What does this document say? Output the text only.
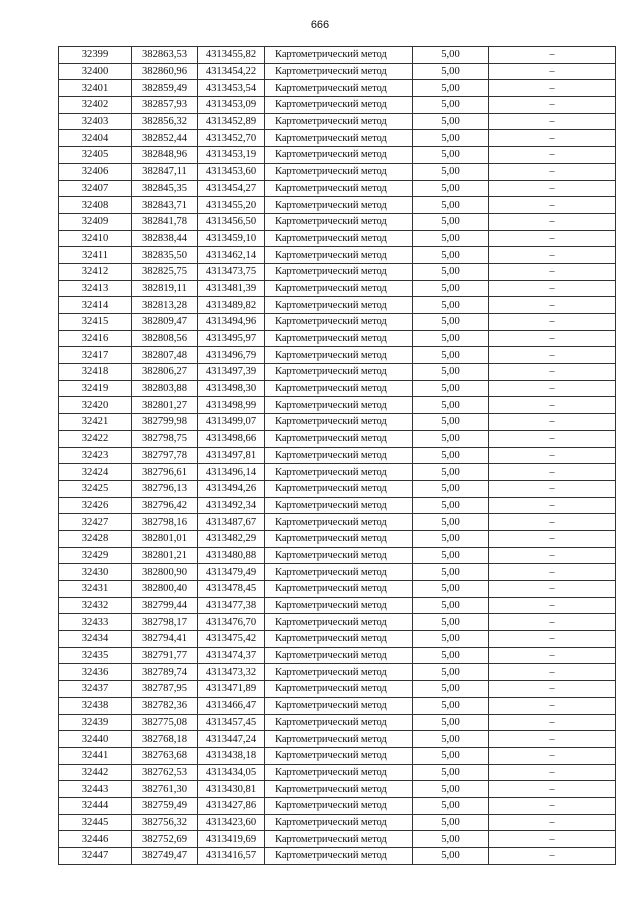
666
32399	382863,53	4313455,82	Картометрический метод	5,00	–
32400	382860,96	4313454,22	Картометрический метод	5,00	–
32401	382859,49	4313453,54	Картометрический метод	5,00	–
32402	382857,93	4313453,09	Картометрический метод	5,00	–
32403	382856,32	4313452,89	Картометрический метод	5,00	–
32404	382852,44	4313452,70	Картометрический метод	5,00	–
32405	382848,96	4313453,19	Картометрический метод	5,00	–
32406	382847,11	4313453,60	Картометрический метод	5,00	–
32407	382845,35	4313454,27	Картометрический метод	5,00	–
32408	382843,71	4313455,20	Картометрический метод	5,00	–
32409	382841,78	4313456,50	Картометрический метод	5,00	–
32410	382838,44	4313459,10	Картометрический метод	5,00	–
32411	382835,50	4313462,14	Картометрический метод	5,00	–
32412	382825,75	4313473,75	Картометрический метод	5,00	–
32413	382819,11	4313481,39	Картометрический метод	5,00	–
32414	382813,28	4313489,82	Картометрический метод	5,00	–
32415	382809,47	4313494,96	Картометрический метод	5,00	–
32416	382808,56	4313495,97	Картометрический метод	5,00	–
32417	382807,48	4313496,79	Картометрический метод	5,00	–
32418	382806,27	4313497,39	Картометрический метод	5,00	–
32419	382803,88	4313498,30	Картометрический метод	5,00	–
32420	382801,27	4313498,99	Картометрический метод	5,00	–
32421	382799,98	4313499,07	Картометрический метод	5,00	–
32422	382798,75	4313498,66	Картометрический метод	5,00	–
32423	382797,78	4313497,81	Картометрический метод	5,00	–
32424	382796,61	4313496,14	Картометрический метод	5,00	–
32425	382796,13	4313494,26	Картометрический метод	5,00	–
32426	382796,42	4313492,34	Картометрический метод	5,00	–
32427	382798,16	4313487,67	Картометрический метод	5,00	–
32428	382801,01	4313482,29	Картометрический метод	5,00	–
32429	382801,21	4313480,88	Картометрический метод	5,00	–
32430	382800,90	4313479,49	Картометрический метод	5,00	–
32431	382800,40	4313478,45	Картометрический метод	5,00	–
32432	382799,44	4313477,38	Картометрический метод	5,00	–
32433	382798,17	4313476,70	Картометрический метод	5,00	–
32434	382794,41	4313475,42	Картометрический метод	5,00	–
32435	382791,77	4313474,37	Картометрический метод	5,00	–
32436	382789,74	4313473,32	Картометрический метод	5,00	–
32437	382787,95	4313471,89	Картометрический метод	5,00	–
32438	382782,36	4313466,47	Картометрический метод	5,00	–
32439	382775,08	4313457,45	Картометрический метод	5,00	–
32440	382768,18	4313447,24	Картометрический метод	5,00	–
32441	382763,68	4313438,18	Картометрический метод	5,00	–
32442	382762,53	4313434,05	Картометрический метод	5,00	–
32443	382761,30	4313430,81	Картометрический метод	5,00	–
32444	382759,49	4313427,86	Картометрический метод	5,00	–
32445	382756,32	4313423,60	Картометрический метод	5,00	–
32446	382752,69	4313419,69	Картометрический метод	5,00	–
32447	382749,47	4313416,57	Картометрический метод	5,00	–
